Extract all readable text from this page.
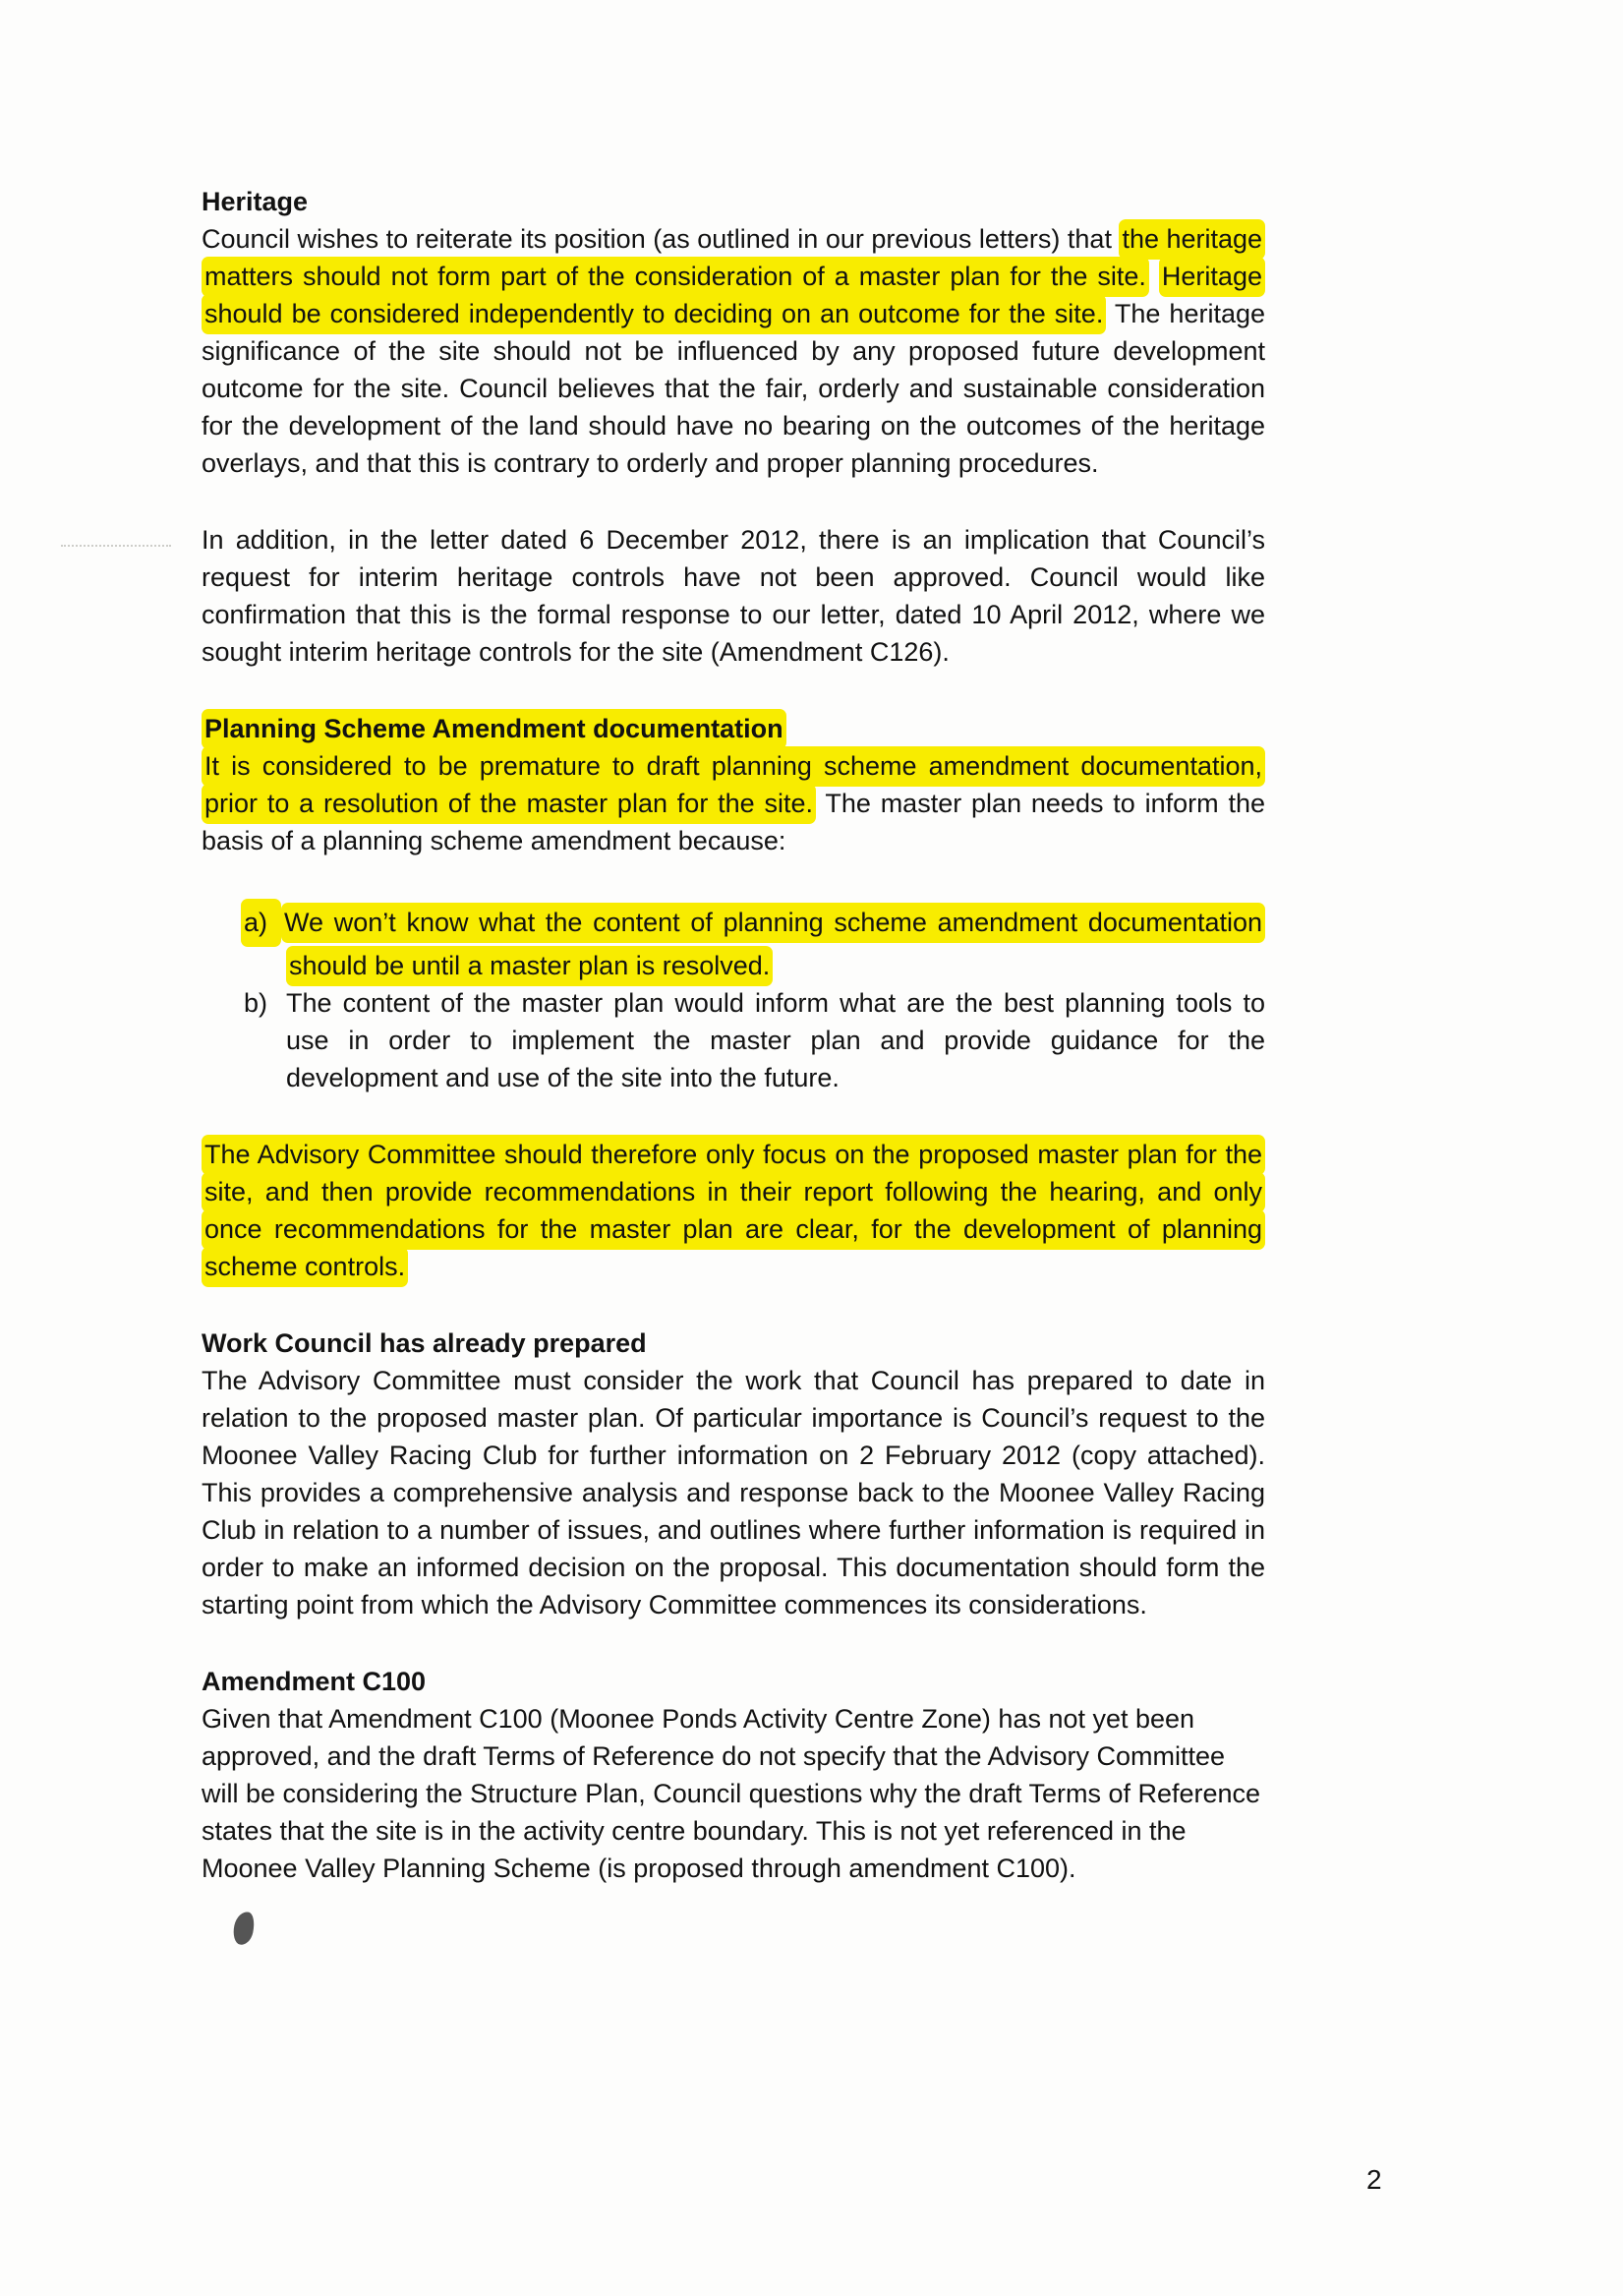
Heritage
Council wishes to reiterate its position (as outlined in our previous letters) that the heritage matters should not form part of the consideration of a master plan for the site. Heritage should be considered independently to deciding on an outcome for the site. The heritage significance of the site should not be influenced by any proposed future development outcome for the site. Council believes that the fair, orderly and sustainable consideration for the development of the land should have no bearing on the outcomes of the heritage overlays, and that this is contrary to orderly and proper planning procedures.
In addition, in the letter dated 6 December 2012, there is an implication that Council’s request for interim heritage controls have not been approved. Council would like confirmation that this is the formal response to our letter, dated 10 April 2012, where we sought interim heritage controls for the site (Amendment C126).
Planning Scheme Amendment documentation
It is considered to be premature to draft planning scheme amendment documentation, prior to a resolution of the master plan for the site. The master plan needs to inform the basis of a planning scheme amendment because:
a) We won’t know what the content of planning scheme amendment documentation should be until a master plan is resolved.
b) The content of the master plan would inform what are the best planning tools to use in order to implement the master plan and provide guidance for the development and use of the site into the future.
The Advisory Committee should therefore only focus on the proposed master plan for the site, and then provide recommendations in their report following the hearing, and only once recommendations for the master plan are clear, for the development of planning scheme controls.
Work Council has already prepared
The Advisory Committee must consider the work that Council has prepared to date in relation to the proposed master plan. Of particular importance is Council’s request to the Moonee Valley Racing Club for further information on 2 February 2012 (copy attached). This provides a comprehensive analysis and response back to the Moonee Valley Racing Club in relation to a number of issues, and outlines where further information is required in order to make an informed decision on the proposal. This documentation should form the starting point from which the Advisory Committee commences its considerations.
Amendment C100
Given that Amendment C100 (Moonee Ponds Activity Centre Zone) has not yet been approved, and the draft Terms of Reference do not specify that the Advisory Committee will be considering the Structure Plan, Council questions why the draft Terms of Reference states that the site is in the activity centre boundary. This is not yet referenced in the Moonee Valley Planning Scheme (is proposed through amendment C100).
2
